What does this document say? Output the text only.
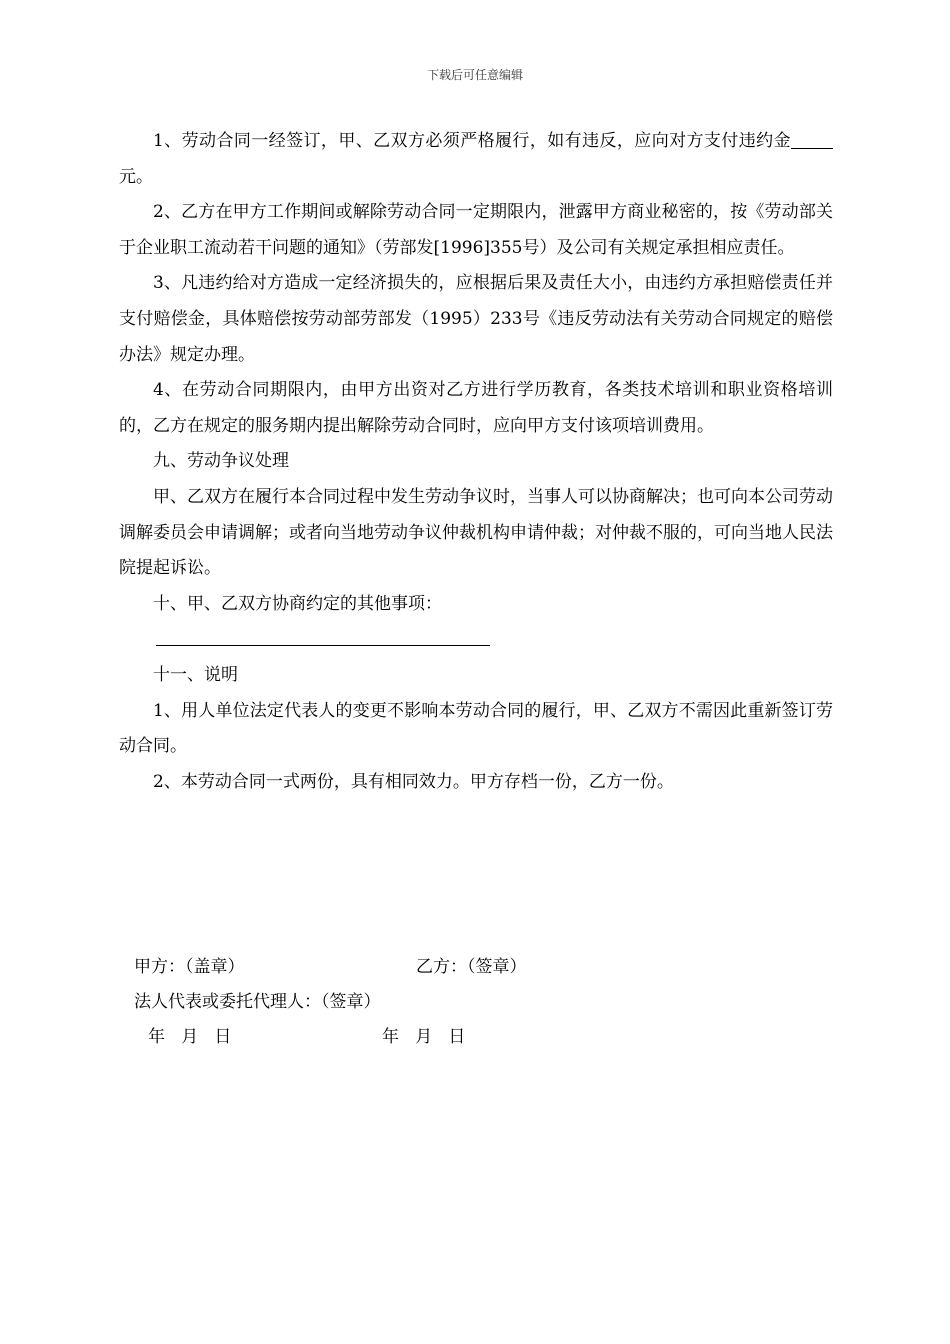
下载后可任意编辑

1、劳动合同一经签订，甲、乙双方必须严格履行，如有违反，应向对方支付违约金元。

2、乙方在甲方工作期间或解除劳动合同一定期限内，泄露甲方商业秘密的，按《劳动部关于企业职工流动若干问题的通知》（劳部发[1996]355号）及公司有关规定承担相应责任。

3、凡违约给对方造成一定经济损失的，应根据后果及责任大小，由违约方承担赔偿责任并支付赔偿金，具体赔偿按劳动部劳部发（1995）233号《违反劳动法有关劳动合同规定的赔偿办法》规定办理。

4、在劳动合同期限内，由甲方出资对乙方进行学历教育，各类技术培训和职业资格培训的，乙方在规定的服务期内提出解除劳动合同时，应向甲方支付该项培训费用。

九、劳动争议处理

甲、乙双方在履行本合同过程中发生劳动争议时，当事人可以协商解决；也可向本公司劳动调解委员会申请调解；或者向当地劳动争议仲裁机构申请仲裁；对仲裁不服的，可向当地人民法院提起诉讼。

十、甲、乙双方协商约定的其他事项：

十一、说明

1、用人单位法定代表人的变更不影响本劳动合同的履行，甲、乙双方不需因此重新签订劳动合同。

2、本劳动合同一式两份，具有相同效力。甲方存档一份，乙方一份。

甲方：（盖章）	乙方：（签章）
法人代表或委托代理人：（签章）
年   月   日	年   月   日
